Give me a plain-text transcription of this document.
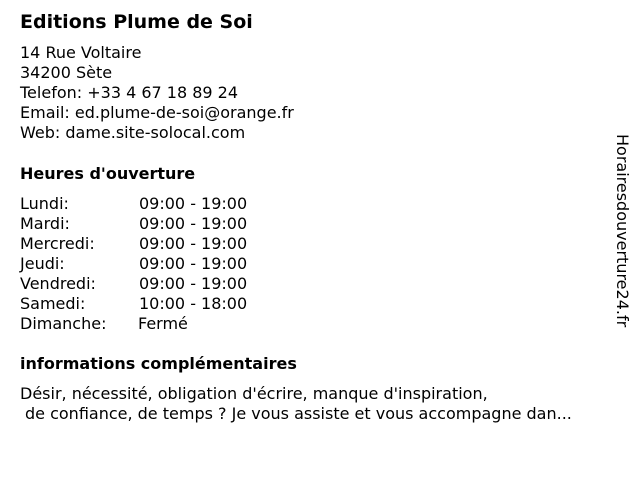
Editions Plume de Soi
14 Rue Voltaire
34200 Sète
Telefon: +33 4 67 18 89 24
Email: ed.plume-de-soi@orange.fr
Web: dame.site-solocal.com
Heures d'ouverture
Lundi:	09:00 - 19:00
Mardi:	09:00 - 19:00
Mercredi:	09:00 - 19:00
Jeudi:	09:00 - 19:00
Vendredi:	09:00 - 19:00
Samedi:	10:00 - 18:00
Dimanche: Fermé
informations complémentaires
Désir, nécessité, obligation d'écrire, manque d'inspiration,
de confiance, de temps ? Je vous assiste et vous accompagne dan...
Horairesdouverture24.fr
